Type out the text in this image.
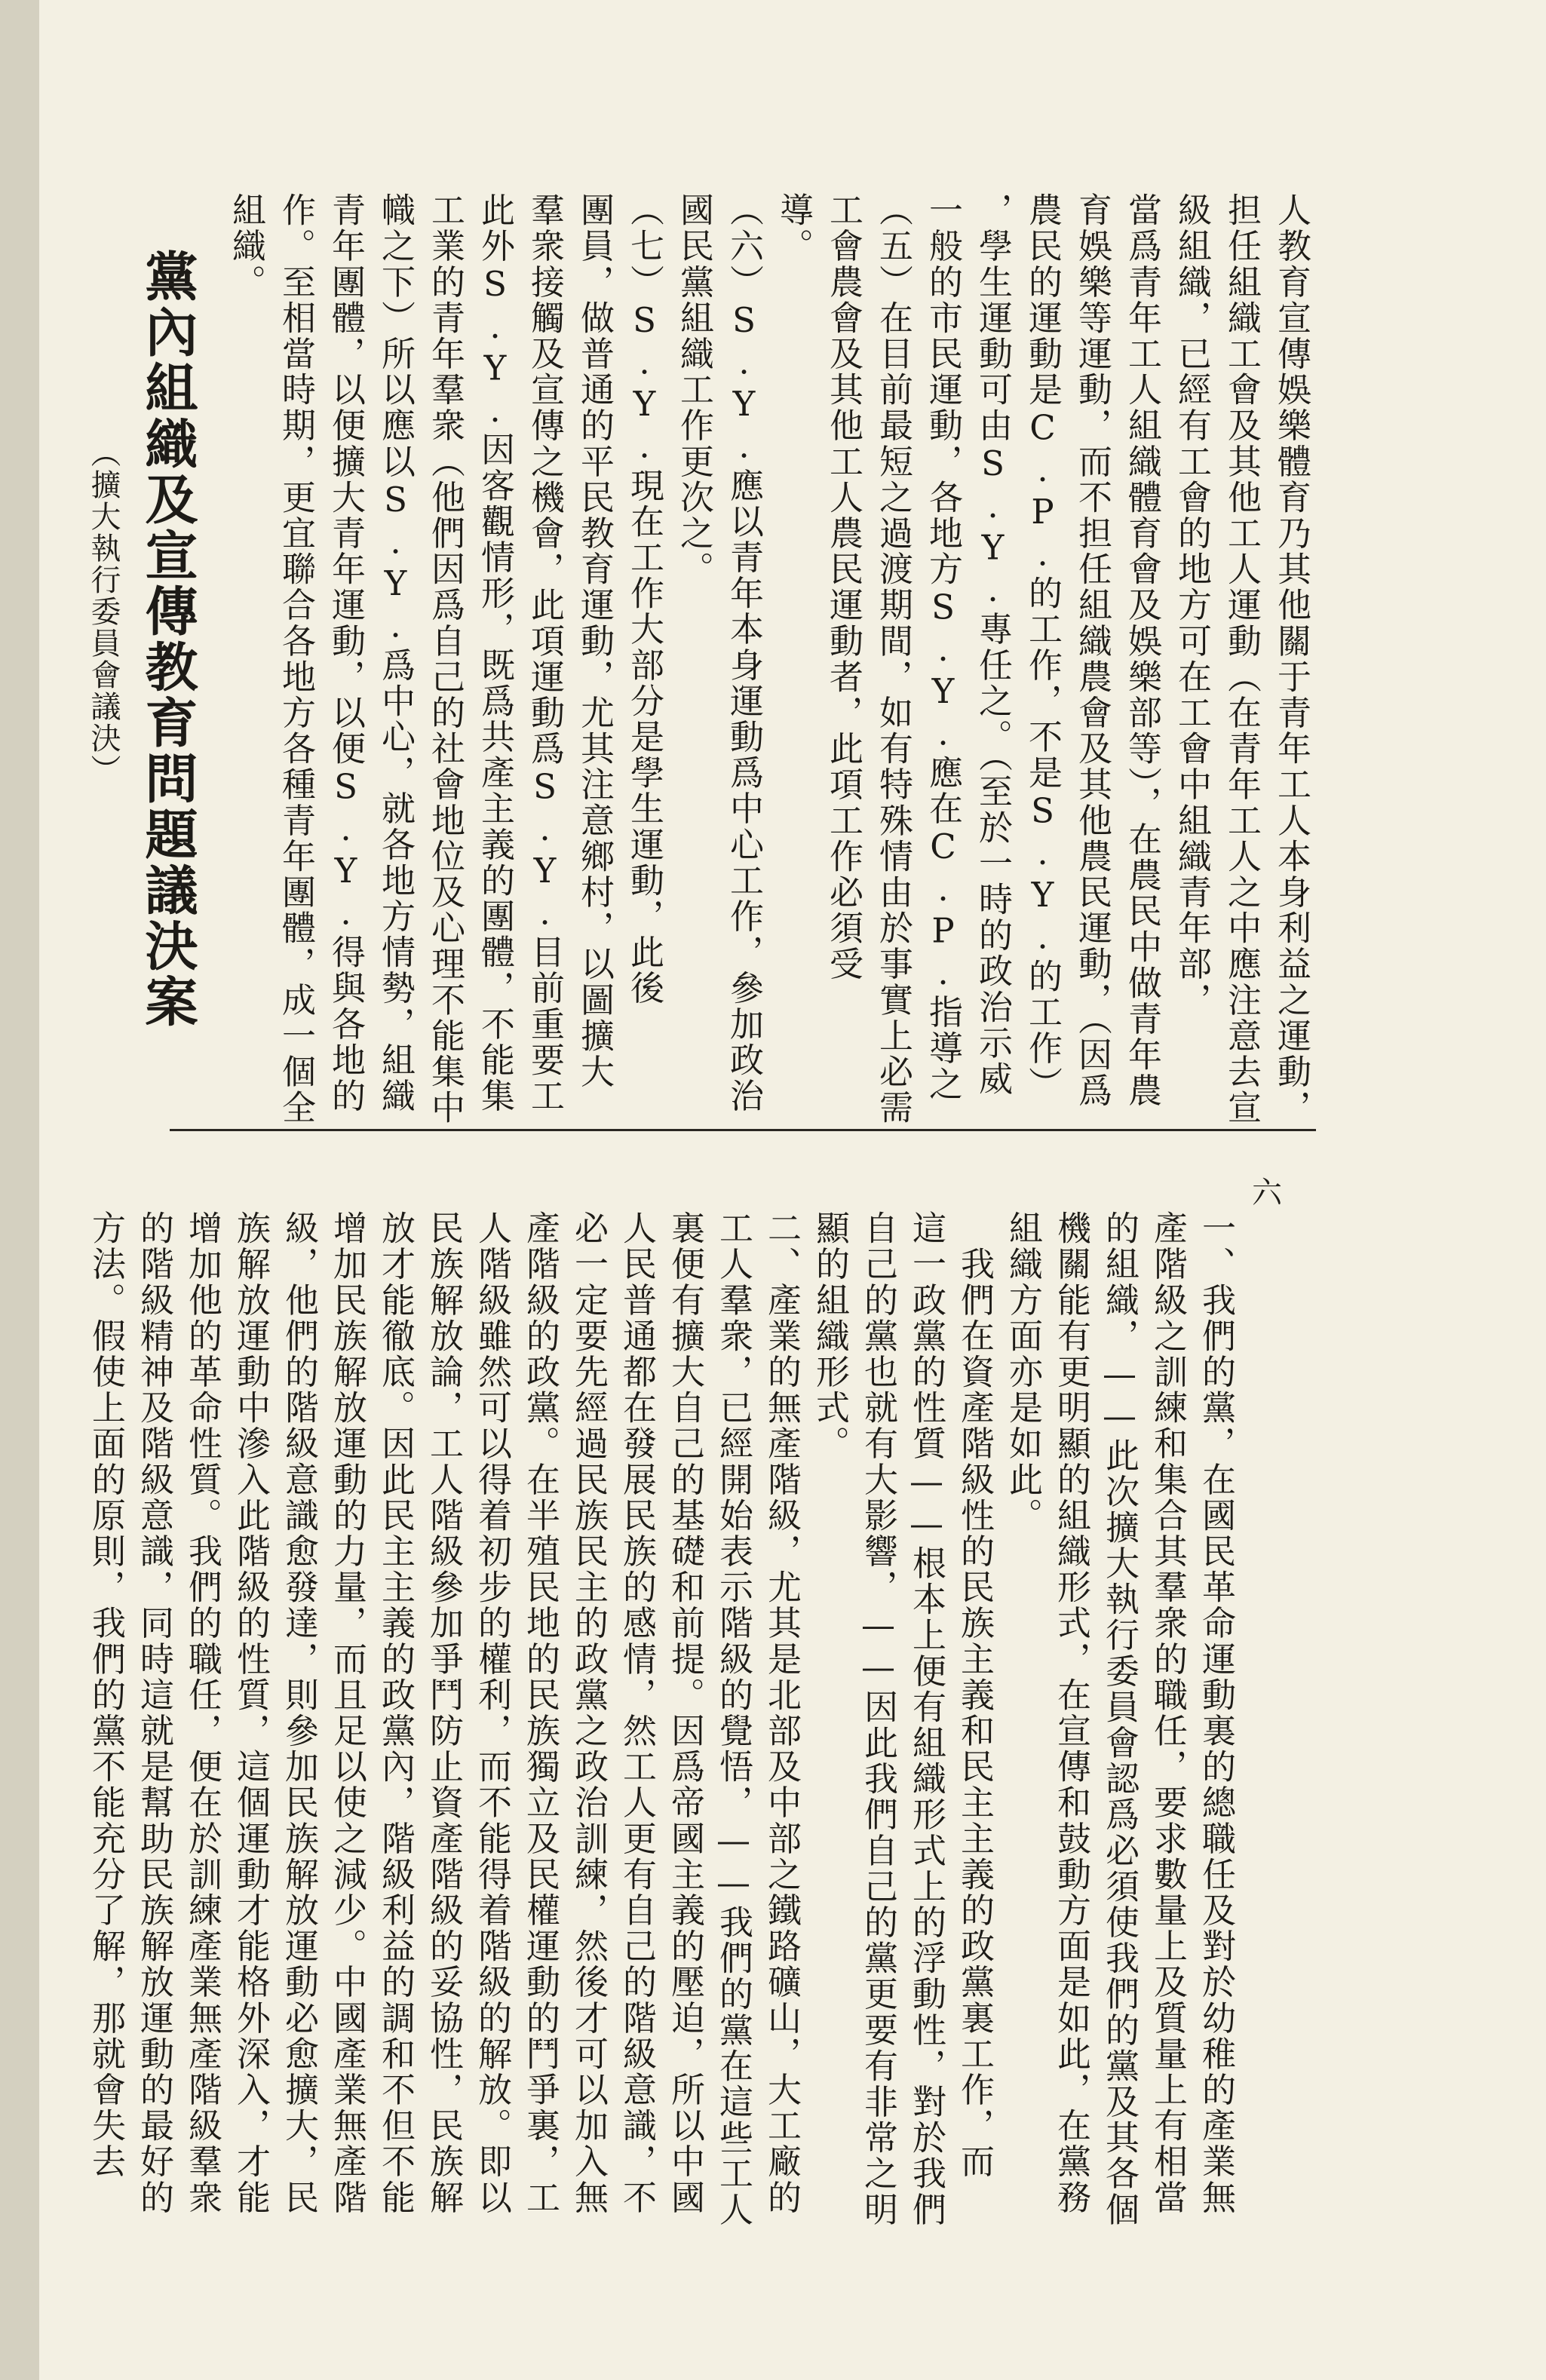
人教育宣傳娛樂體育乃其他關于青年工人本身利益之運動，
担任組織工會及其他工人運動（在青年工人之中應注意去宣
級組織，已經有工會的地方可在工會中組織青年部，
當爲青年工人組織體育會及娛樂部等），在農民中做青年農
育娛樂等運動，而不担任組織農會及其他農民運動，（因爲
農民的運動是C.P.的工作，不是S.Y.的工作）
，學生運動可由S.Y.專任之。（至於一時的政治示威
一般的市民運動，各地方S.Y.應在C.P.指導之
（五）在目前最短之過渡期間，如有特殊情由於事實上必需
工會農會及其他工人農民運動者，此項工作必須受
導。
（六）S.Y.應以青年本身運動爲中心工作，參加政治
國民黨組織工作更次之。
（七）S.Y.現在工作大部分是學生運動，此後
團員，做普通的平民教育運動，尤其注意鄉村，以圖擴大
羣衆接觸及宣傳之機會，此項運動爲S.Y.目前重要工
此外S.Y.因客觀情形，既爲共產主義的團體，不能集
工業的青年羣衆（他們因爲自己的社會地位及心理不能集中
幟之下）所以應以S.Y.爲中心，就各地方情勢，組織
青年團體，以便擴大青年運動，以便S.Y.得與各地的
作。至相當時期，更宜聯合各地方各種青年團體，成一個全
組織。
黨內組織及宣傳教育問題議決案
（擴大執行委員會議決）
六
一、我們的黨，在國民革命運動裏的總職任及對於幼稚的產業無
產階級之訓練和集合其羣衆的職任，要求數量上及質量上有相當
的組織，——此次擴大執行委員會認爲必須使我們的黨及其各個
機關能有更明顯的組織形式，在宣傳和鼓動方面是如此，在黨務
組織方面亦是如此。
　我們在資產階級性的民族主義和民主主義的政黨裏工作，而
這一政黨的性質——根本上便有組織形式上的浮動性，對於我們
自己的黨也就有大影響，——因此我們自己的黨更要有非常之明
顯的組織形式。
二、產業的無產階級，尤其是北部及中部之鐵路礦山，大工廠的
工人羣衆，已經開始表示階級的覺悟，——我們的黨在這些工人
裏便有擴大自己的基礎和前提。因爲帝國主義的壓迫，所以中國
人民普通都在發展民族的感情，然工人更有自己的階級意識，不
必一定要先經過民族民主的政黨之政治訓練，然後才可以加入無
產階級的政黨。在半殖民地的民族獨立及民權運動的鬥爭裏，工
人階級雖然可以得着初步的權利，而不能得着階級的解放。即以
民族解放論，工人階級參加爭鬥防止資產階級的妥協性，民族解
放才能徹底。因此民主主義的政黨內，階級利益的調和不但不能
增加民族解放運動的力量，而且足以使之減少。中國產業無產階
級，他們的階級意識愈發達，則參加民族解放運動必愈擴大，民
族解放運動中滲入此階級的性質，這個運動才能格外深入，才能
增加他的革命性質。我們的職任，便在於訓練產業無產階級羣衆
的階級精神及階級意識，同時這就是幫助民族解放運動的最好的
方法。假使上面的原則，我們的黨不能充分了解，那就會失去
